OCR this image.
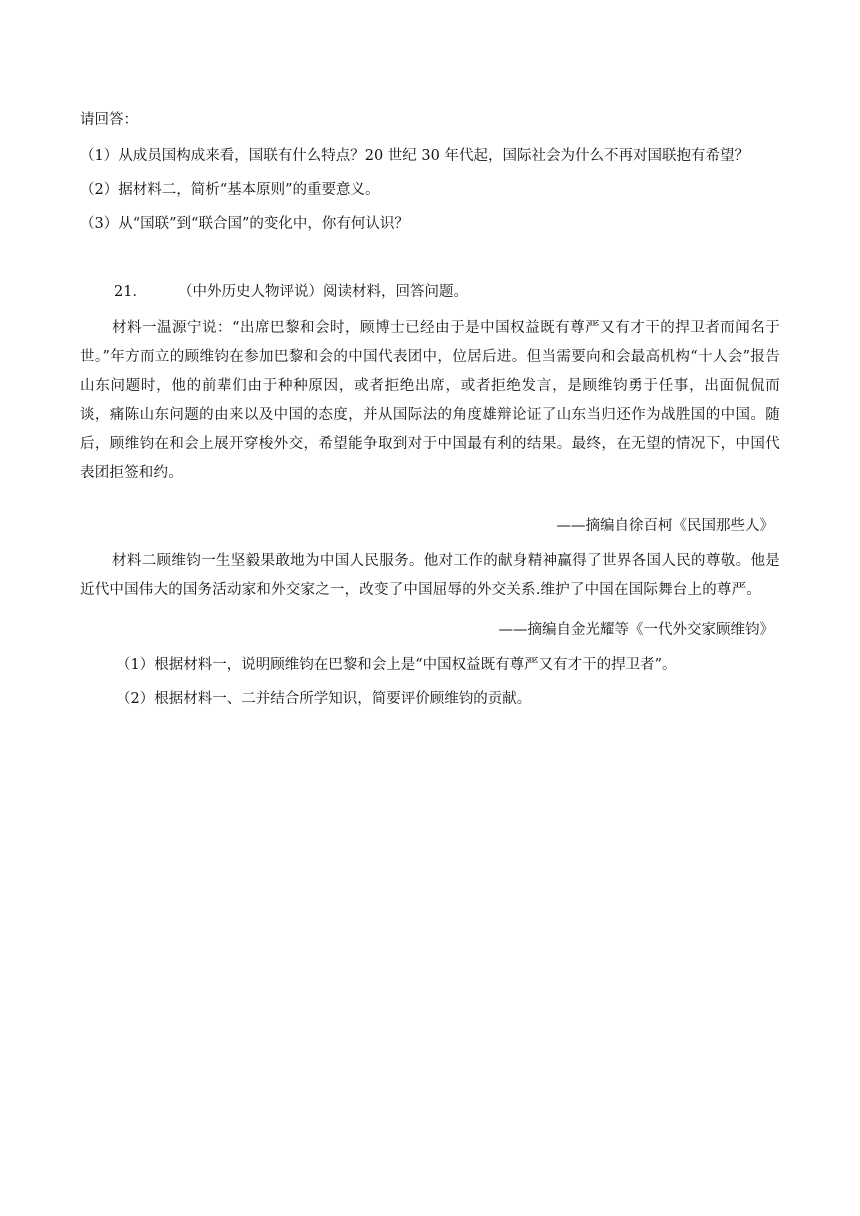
请回答：
（1）从成员国构成来看，国联有什么特点？20 世纪 30 年代起，国际社会为什么不再对国联抱有希望？
（2）据材料二，简析“基本原则”的重要意义。
（3）从“国联”到“联合国”的变化中，你有何认识？
21． （中外历史人物评说）阅读材料，回答问题。
材料一温源宁说：“出席巴黎和会时，顾博士已经由于是中国权益既有尊严又有才干的捍卫者而闻名于世。”年方而立的顾维钧在参加巴黎和会的中国代表团中，位居后进。但当需要向和会最高机构“十人会”报告山东问题时，他的前辈们由于种种原因，或者拒绝出席，或者拒绝发言，是顾维钧勇于任事，出面侃侃而谈，痛陈山东问题的由来以及中国的态度，并从国际法的角度雄辩论证了山东当归还作为战胜国的中国。随后，顾维钧在和会上展开穿梭外交，希望能争取到对于中国最有利的结果。最终，在无望的情况下，中国代表团拒签和约。
——摘编自徐百柯《民国那些人》
材料二顾维钧一生坚毅果敢地为中国人民服务。他对工作的献身精神赢得了世界各国人民的尊敬。他是近代中国伟大的国务活动家和外交家之一，改变了中国屈辱的外交关系.维护了中国在国际舞台上的尊严。
——摘编自金光耀等《一代外交家顾维钧》
（1）根据材料一，说明顾维钧在巴黎和会上是“中国权益既有尊严又有才干的捍卫者”。
（2）根据材料一、二并结合所学知识，简要评价顾维钧的贡献。
